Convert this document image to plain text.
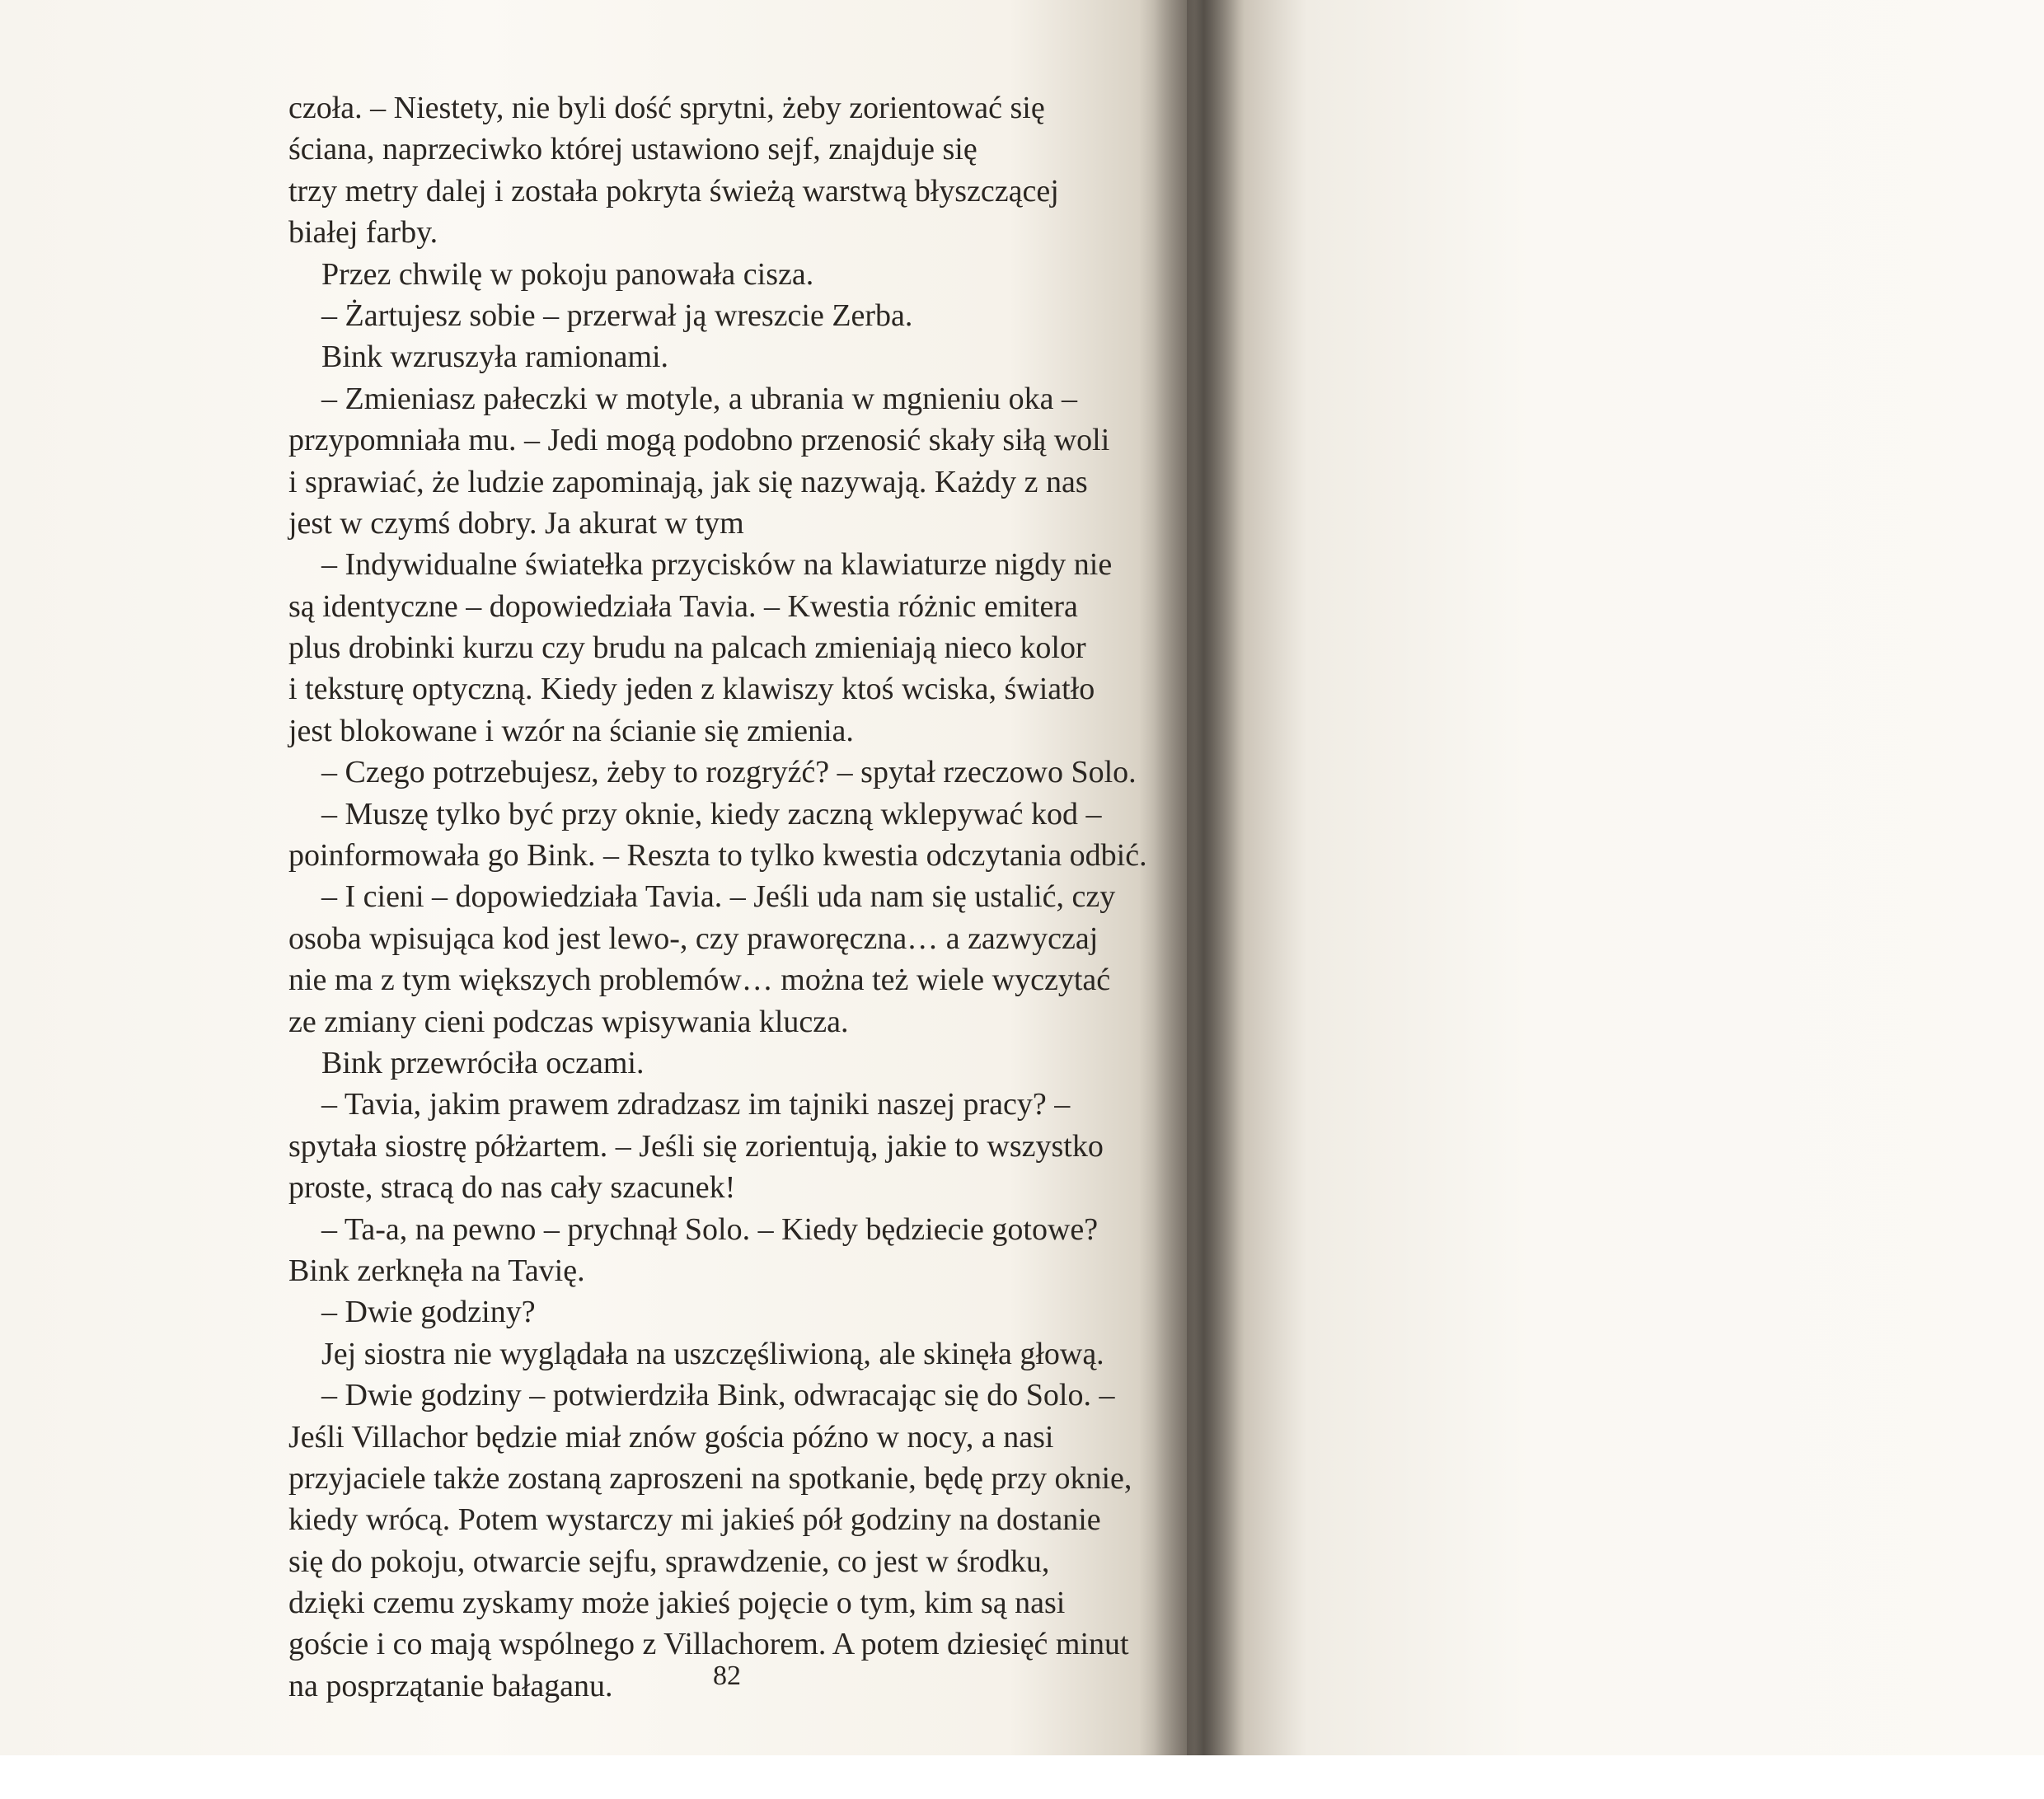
czoła. – Niestety, nie byli dość sprytni, żeby zorientować się
ściana, naprzeciwko której ustawiono sejf, znajduje się
trzy metry dalej i została pokryta świeżą warstwą błyszczącej
białej farby.
Przez chwilę w pokoju panowała cisza.
– Żartujesz sobie – przerwał ją wreszcie Zerba.
Bink wzruszyła ramionami.
– Zmieniasz pałeczki w motyle, a ubrania w mgnieniu oka –
przypomniała mu. – Jedi mogą podobno przenosić skały siłą woli
i sprawiać, że ludzie zapominają, jak się nazywają. Każdy z nas
jest w czymś dobry. Ja akurat w tym
– Indywidualne światełka przycisków na klawiaturze nigdy nie
są identyczne – dopowiedziała Tavia. – Kwestia różnic emitera
plus drobinki kurzu czy brudu na palcach zmieniają nieco kolor
i teksturę optyczną. Kiedy jeden z klawiszy ktoś wciska, światło
jest blokowane i wzór na ścianie się zmienia.
– Czego potrzebujesz, żeby to rozgryźć? – spytał rzeczowo Solo.
– Muszę tylko być przy oknie, kiedy zaczną wklepywać kod –
poinformowała go Bink. – Reszta to tylko kwestia odczytania odbić.
– I cieni – dopowiedziała Tavia. – Jeśli uda nam się ustalić, czy
osoba wpisująca kod jest lewo-, czy praworęczna… a zazwyczaj
nie ma z tym większych problemów… można też wiele wyczytać
ze zmiany cieni podczas wpisywania klucza.
Bink przewróciła oczami.
– Tavia, jakim prawem zdradzasz im tajniki naszej pracy? –
spytała siostrę półżartem. – Jeśli się zorientują, jakie to wszystko
proste, stracą do nas cały szacunek!
– Ta-a, na pewno – prychnął Solo. – Kiedy będziecie gotowe?
Bink zerknęła na Tavię.
– Dwie godziny?
Jej siostra nie wyglądała na uszczęśliwioną, ale skinęła głową.
– Dwie godziny – potwierdziła Bink, odwracając się do Solo. –
Jeśli Villachor będzie miał znów gościa późno w nocy, a nasi
przyjaciele także zostaną zaproszeni na spotkanie, będę przy oknie,
kiedy wrócą. Potem wystarczy mi jakieś pół godziny na dostanie
się do pokoju, otwarcie sejfu, sprawdzenie, co jest w środku,
dzięki czemu zyskamy może jakieś pojęcie o tym, kim są nasi
goście i co mają wspólnego z Villachorem. A potem dziesięć minut
na posprzątanie bałaganu.	82
